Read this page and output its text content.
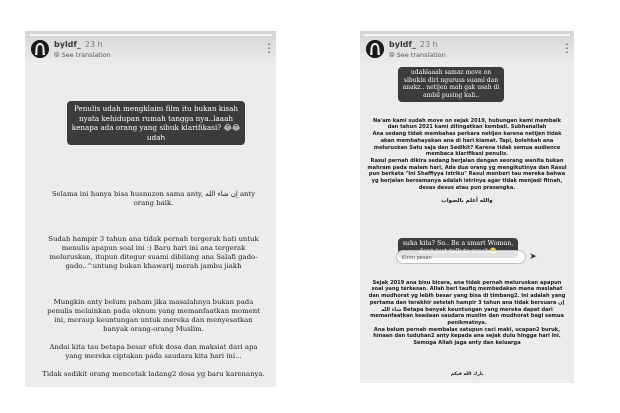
byldf_ 23 h
⦾ See translation	⋮
Penulis udah mengklaim film itu bukan kisah nyata kehidupan rumah tangga nya..laaah kenapa ada orang yang sibuk klarifikasi? 😂😂 udah

Selama ini hanya bisa husnuzon sama anty, إن شاء الله anty orang baik.

Sudah hampir 3 tahun ana tidak pernah tergerak hati untuk menulis apapun soal ini :) Baru hari ini ana tergerak meluruskan, itupun ditegur suami dibilang ana Salafi gado-gado..^untung bukan khawarij merah jambu jiakh

Mungkin anty belum paham jika masalahnya bukan pada penulis melainkan pada oknum yang memanfaatkan moment ini, meraup keuntungan untuk mereka dan menyesatkan banyak orang-orang Muslim.

Andai kita tau betapa besar efek dosa dan maksiat dari apa yang mereka ciptakan pada saudara kita hari ini...

Tidak sedikit orang mencetak ladang2 dosa yg baru karenanya.

byldf_ 23 h
⦾ See translation	⋮
udahlaaah samaz move on sibukin diri nguruss suami dan anakz.. netijen mah gak usah di ambil pusing kali..

Na'am kami sudah move on sejak 2019, hubungan kami membaik dan tahun 2021 kami dilingatkan kembali. Subhanallah
Ana sedang tidak membahas perkara netijen karena netijen tidak akan membahayakan ana di hari kiamat. Tapi, bolehkah ana meluruskan Satu saja dan Sedikit? Karena tidak semua audience membaca klarifikasi penulis.
Rasul pernah dikira sedang berjalan dengan seorang wanita bukan mahram pada malam hari, Ada dua orang yg mengikutinya dan Rasul pun berkata "Ini Shaffiyya Istriku" Rasul menberi tau mereka bahwa yg berjalan bersamanya adalah istrinya agar tidak menjadi fitnah, desas desus atau pun prasangka.

والله أعلم بالصواب

suka kita? So.. Be a smart Woman,
Kirim pesan	➤

Sejak 2019 ana bisu bicara, ana tidak pernah meluruskan apapun soal yang terkesan. Allah beri taufiq membedakan mana maslahat dan mudhorat yg lebih besar yang bisa di timbang2. Ini adalah yang pertama dan terakhir setelah hampir 3 tahun ana tidak bersuara إن شاء الله Betapa banyak keuntungan yang mereka dapat dari memanfaatkan keadaan saudara muslim dan mudhorat bagi semua penikmatnya.
Ana belum pernah membalas satupun caci maki, ucapan2 buruk, hinaan dan tuduhan2 anty kepada ana sejak dulu hingga hari ini. Semoga Allah jaga anty dan keluarga

بارك الله فيكم
